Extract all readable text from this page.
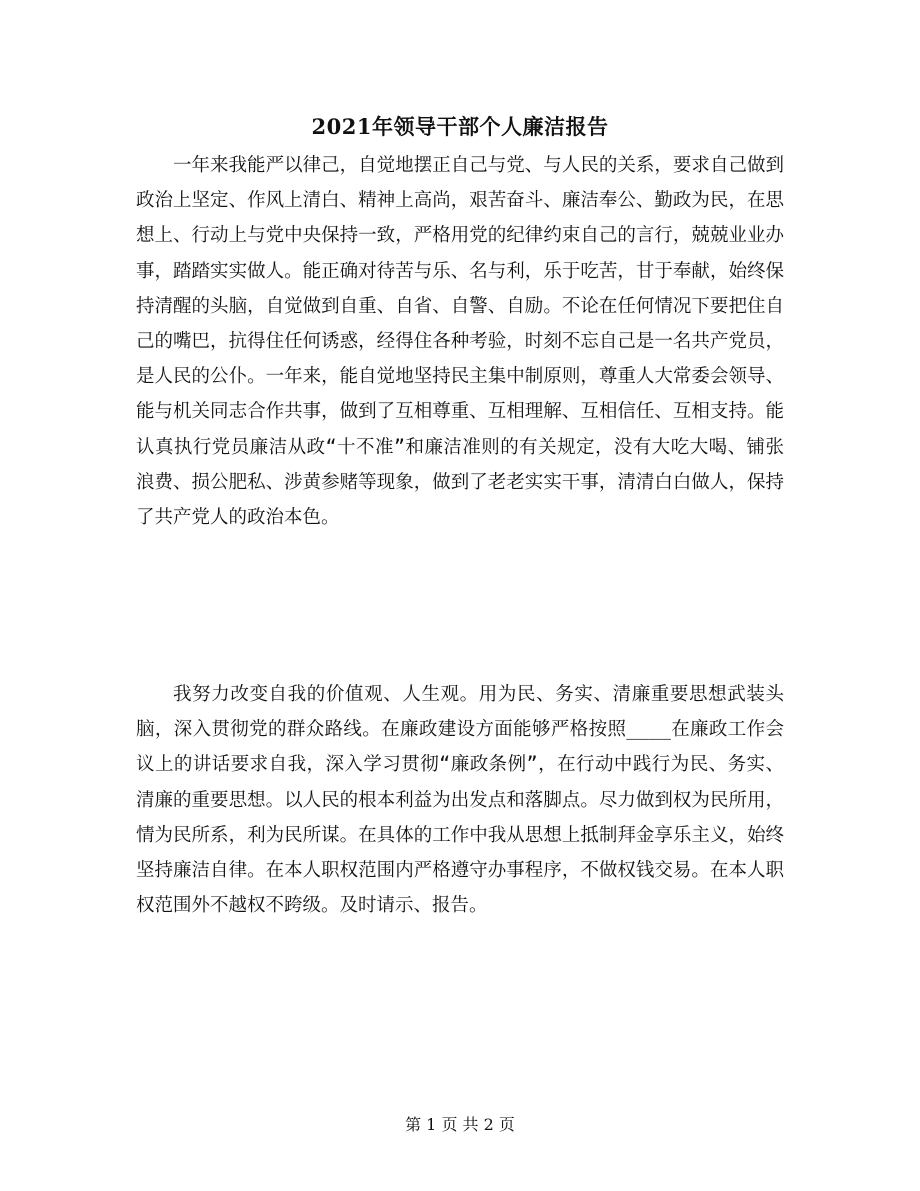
2021年领导干部个人廉洁报告

一年来我能严以律己，自觉地摆正自己与党、与人民的关系，要求自己做到政治上坚定、作风上清白、精神上高尚，艰苦奋斗、廉洁奉公、勤政为民，在思想上、行动上与党中央保持一致，严格用党的纪律约束自己的言行，兢兢业业办事，踏踏实实做人。能正确对待苦与乐、名与利，乐于吃苦，甘于奉献，始终保持清醒的头脑，自觉做到自重、自省、自警、自励。不论在任何情况下要把住自己的嘴巴，抗得住任何诱惑，经得住各种考验，时刻不忘自己是一名共产党员，是人民的公仆。一年来，能自觉地坚持民主集中制原则，尊重人大常委会领导、能与机关同志合作共事，做到了互相尊重、互相理解、互相信任、互相支持。能认真执行党员廉洁从政“十不准”和廉洁准则的有关规定，没有大吃大喝、铺张浪费、损公肥私、涉黄参赌等现象，做到了老老实实干事，清清白白做人，保持了共产党人的政治本色。

我努力改变自我的价值观、人生观。用为民、务实、清廉重要思想武装头脑，深入贯彻党的群众路线。在廉政建设方面能够严格按照____在廉政工作会议上的讲话要求自我，深入学习贯彻“廉政条例”，在行动中践行为民、务实、清廉的重要思想。以人民的根本利益为出发点和落脚点。尽力做到权为民所用，情为民所系，利为民所谋。在具体的工作中我从思想上抵制拜金享乐主义，始终坚持廉洁自律。在本人职权范围内严格遵守办事程序，不做权钱交易。在本人职权范围外不越权不跨级。及时请示、报告。

第 1 页 共 2 页
